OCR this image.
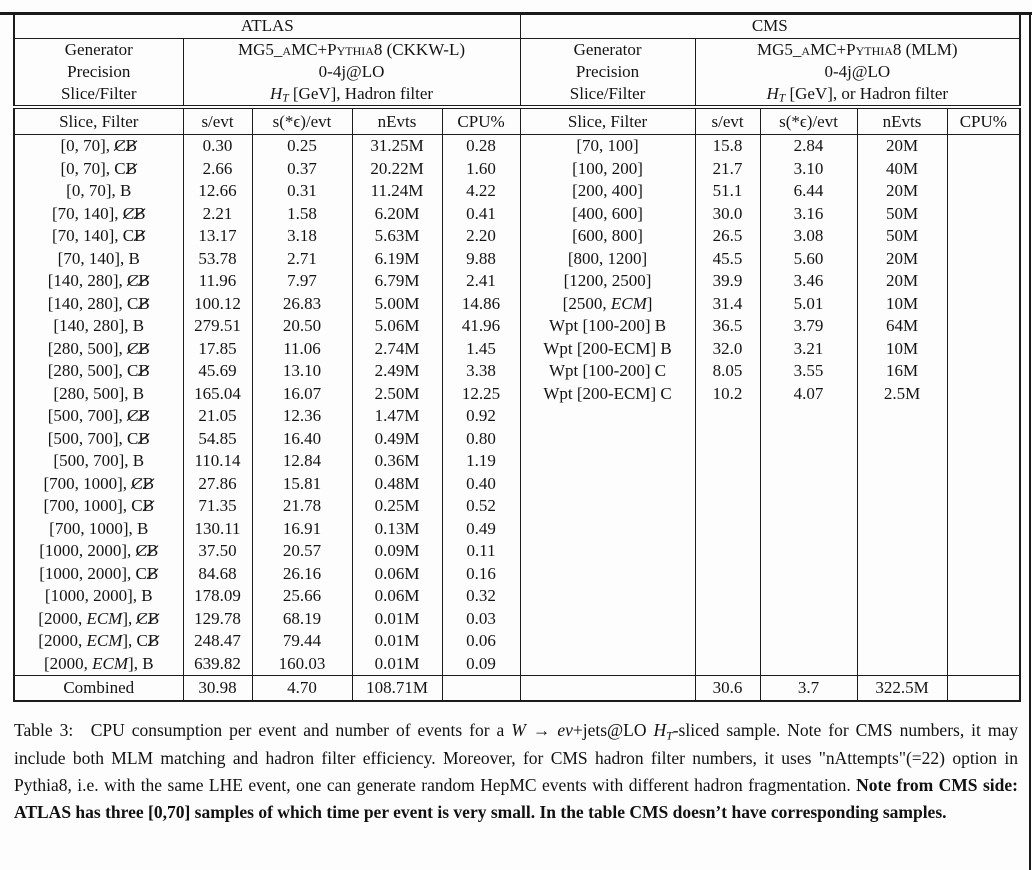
ATLAS					CMS				
Generator	MG5_aMC+Pythia8 (CKKW-L)				Generator	MG5_aMC+Pythia8 (MLM)			
Precision	0-4j@LO				Precision	0-4j@LO			
Slice/Filter	HT [GeV], Hadron filter				Slice/Filter	HT [GeV], or Hadron filter			
Slice, Filter	s/evt	s(*ϵ)/evt	nEvts	CPU%	Slice, Filter	s/evt	s(*ϵ)/evt	nEvts	CPU%
[0, 70], CB	0.30	0.25	31.25M	0.28	[70, 100]	15.8	2.84	20M	
[0, 70], CB	2.66	0.37	20.22M	1.60	[100, 200]	21.7	3.10	40M	
[0, 70], B	12.66	0.31	11.24M	4.22	[200, 400]	51.1	6.44	20M	
[70, 140], CB	2.21	1.58	6.20M	0.41	[400, 600]	30.0	3.16	50M	
[70, 140], CB	13.17	3.18	5.63M	2.20	[600, 800]	26.5	3.08	50M	
[70, 140], B	53.78	2.71	6.19M	9.88	[800, 1200]	45.5	5.60	20M	
[140, 280], CB	11.96	7.97	6.79M	2.41	[1200, 2500]	39.9	3.46	20M	
[140, 280], CB	100.12	26.83	5.00M	14.86	[2500, ECM]	31.4	5.01	10M	
[140, 280], B	279.51	20.50	5.06M	41.96	Wpt [100-200] B	36.5	3.79	64M	
[280, 500], CB	17.85	11.06	2.74M	1.45	Wpt [200-ECM] B	32.0	3.21	10M	
[280, 500], CB	45.69	13.10	2.49M	3.38	Wpt [100-200] C	8.05	3.55	16M	
[280, 500], B	165.04	16.07	2.50M	12.25	Wpt [200-ECM] C	10.2	4.07	2.5M	
[500, 700], CB	21.05	12.36	1.47M	0.92					
[500, 700], CB	54.85	16.40	0.49M	0.80					
[500, 700], B	110.14	12.84	0.36M	1.19					
[700, 1000], CB	27.86	15.81	0.48M	0.40					
[700, 1000], CB	71.35	21.78	0.25M	0.52					
[700, 1000], B	130.11	16.91	0.13M	0.49					
[1000, 2000], CB	37.50	20.57	0.09M	0.11					
[1000, 2000], CB	84.68	26.16	0.06M	0.16					
[1000, 2000], B	178.09	25.66	0.06M	0.32					
[2000, ECM], CB	129.78	68.19	0.01M	0.03					
[2000, ECM], CB	248.47	79.44	0.01M	0.06					
[2000, ECM], B	639.82	160.03	0.01M	0.09					
Combined	30.98	4.70	108.71M			30.6	3.7	322.5M	

Table 3: CPU consumption per event and number of events for a W → eν+jets@LO HT-sliced sample. Note for CMS numbers, it may include both MLM matching and hadron filter efficiency. Moreover, for CMS hadron filter numbers, it uses "nAttempts"(=22) option in Pythia8, i.e. with the same LHE event, one can generate random HepMC events with different hadron fragmentation. Note from CMS side: ATLAS has three [0,70] samples of which time per event is very small. In the table CMS doesn’t have corresponding samples.
